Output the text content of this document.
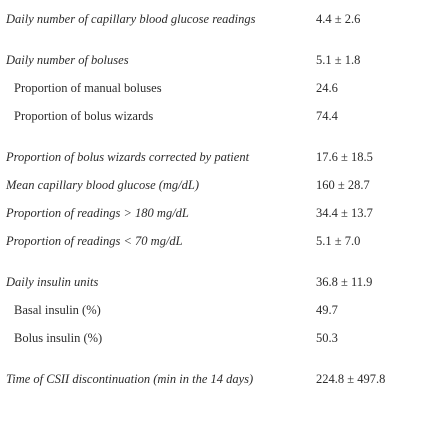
Daily number of capillary blood glucose readings	4.4 ± 2.6
Daily number of boluses	5.1 ± 1.8
Proportion of manual boluses	24.6
Proportion of bolus wizards	74.4
Proportion of bolus wizards corrected by patient	17.6 ± 18.5
Mean capillary blood glucose (mg/dL)	160 ± 28.7
Proportion of readings > 180 mg/dL	34.4 ± 13.7
Proportion of readings < 70 mg/dL	5.1 ± 7.0
Daily insulin units	36.8 ± 11.9
Basal insulin (%)	49.7
Bolus insulin (%)	50.3
Time of CSII discontinuation (min in the 14 days)	224.8 ± 497.8
